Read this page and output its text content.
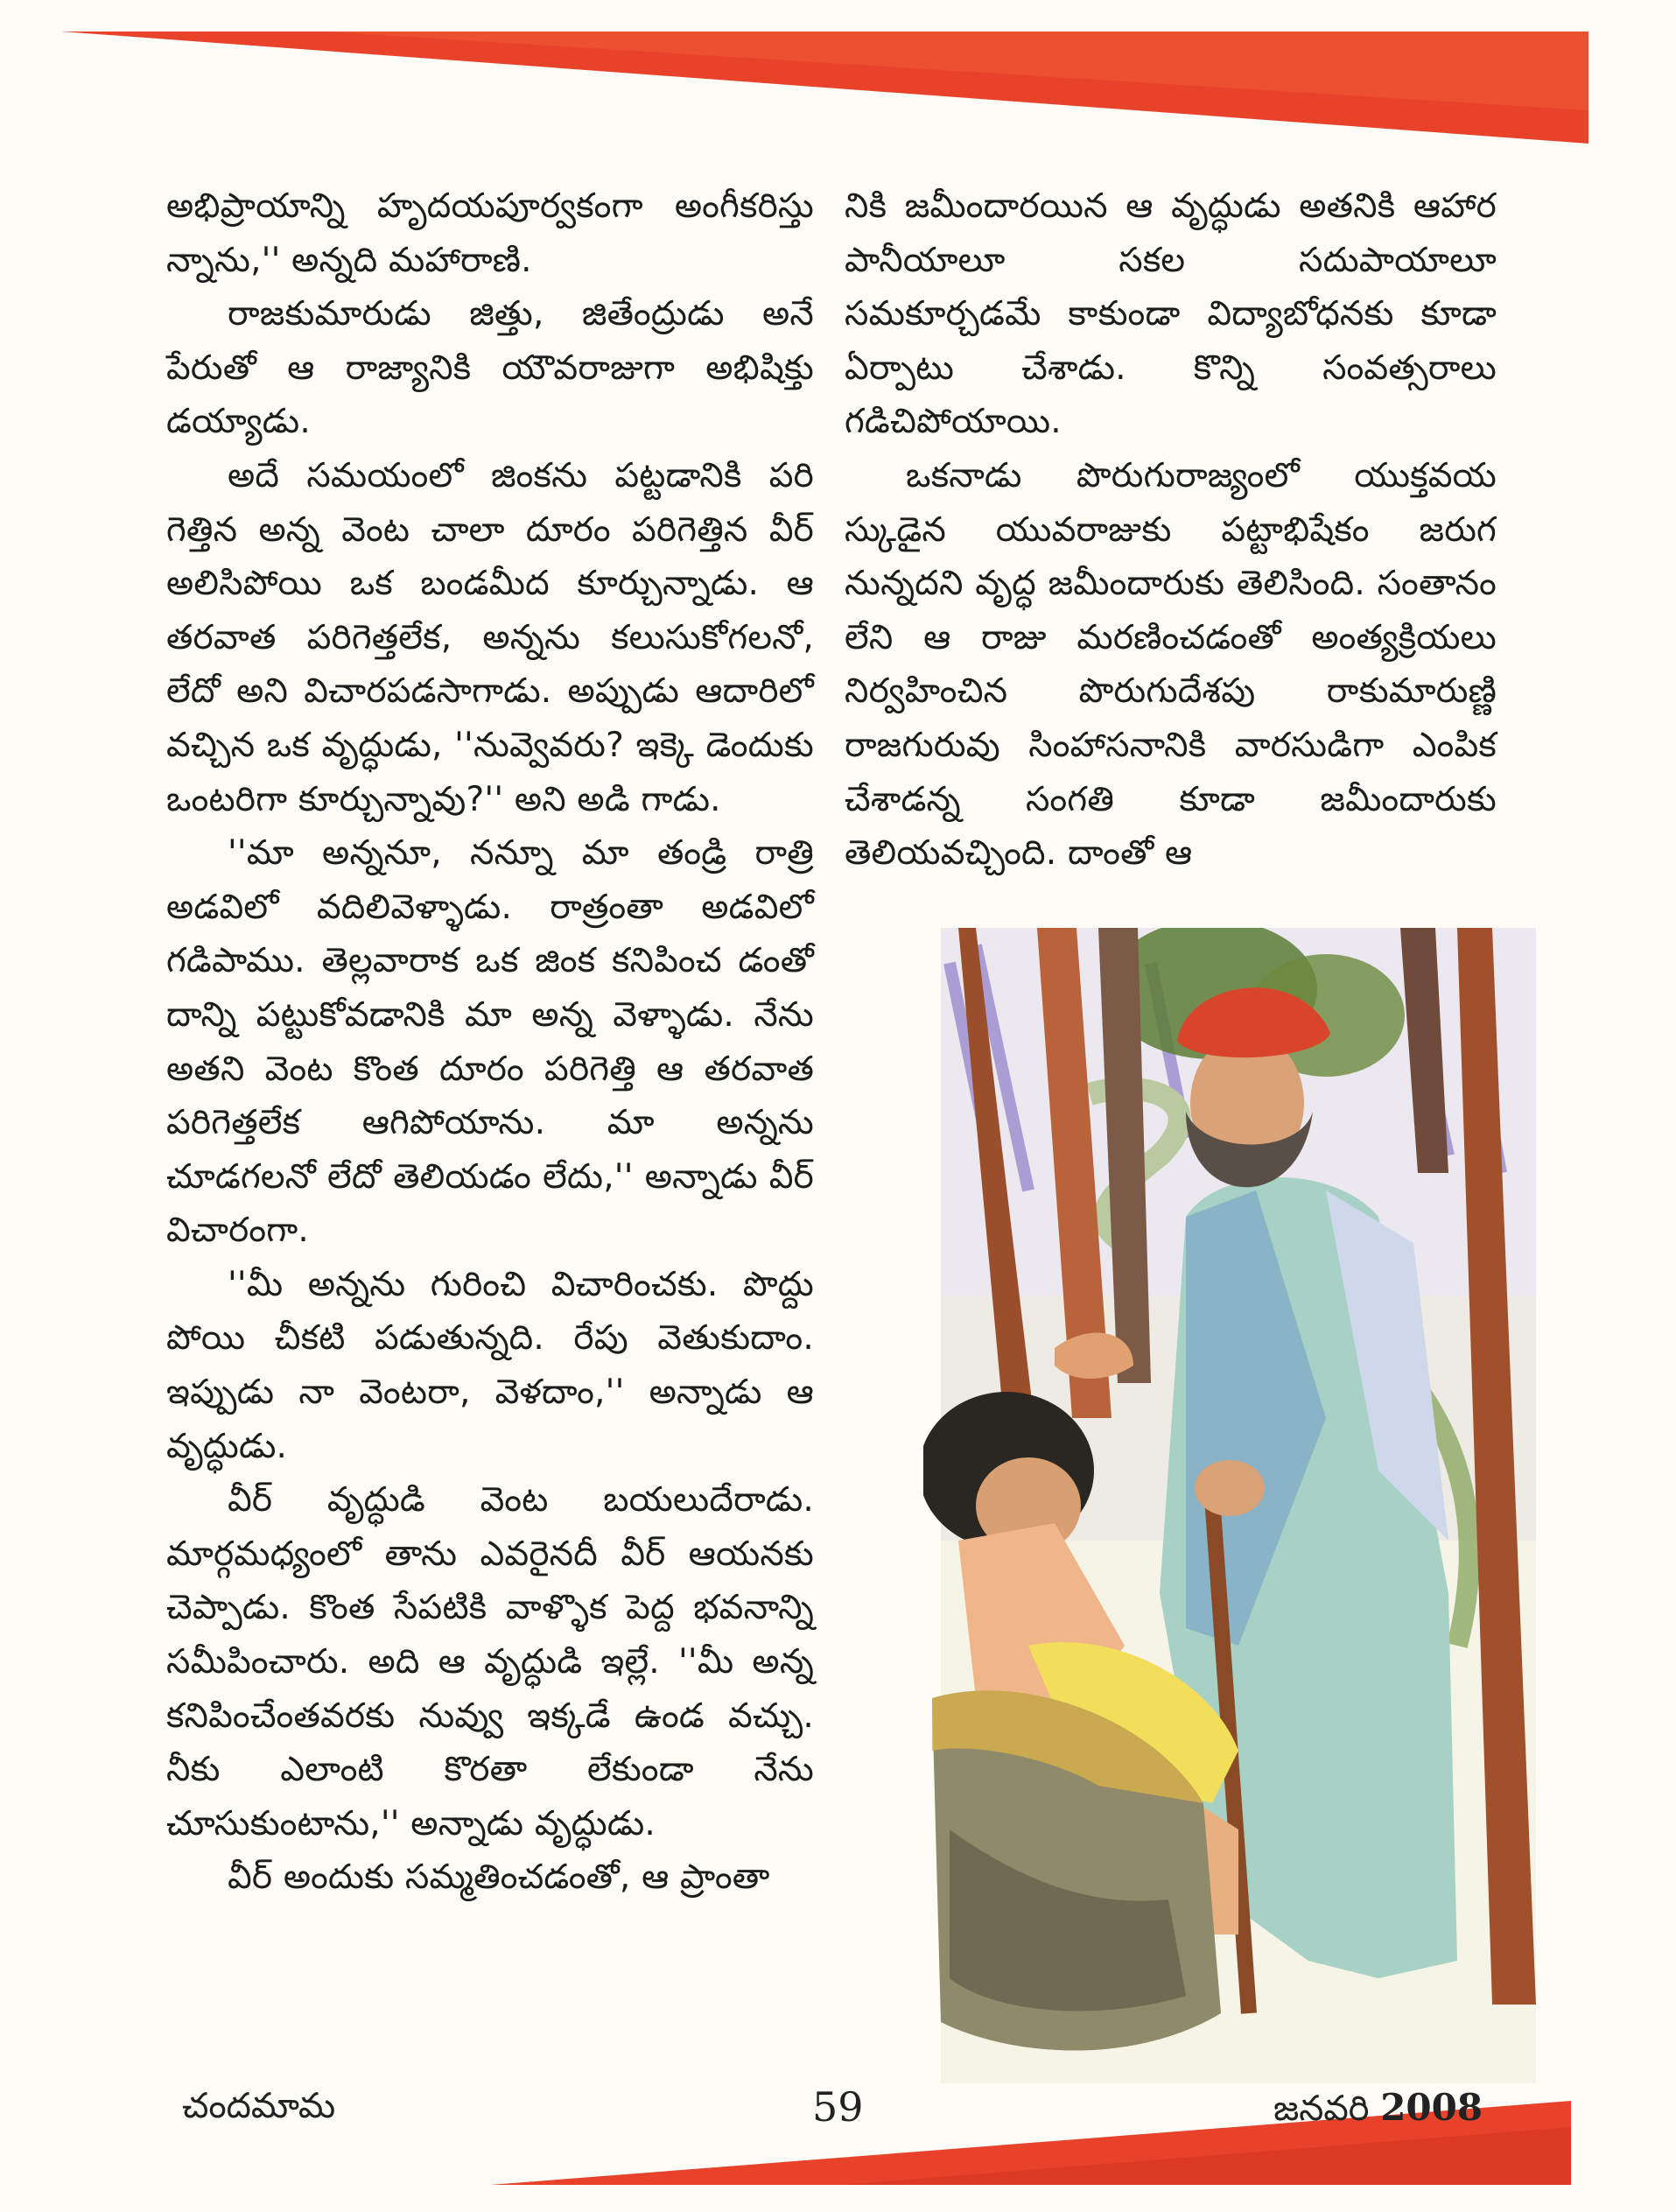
అభిప్రాయాన్ని హృదయపూర్వకంగా అంగీకరిస్తు న్నాను,'' అన్నది మహారాణి.

రాజకుమారుడు జిత్తు, జితేంద్రుడు అనే పేరుతో ఆ రాజ్యానికి యౌవరాజుగా అభిషిక్తు డయ్యాడు.

అదే సమయంలో జింకను పట్టడానికి పరి గెత్తిన అన్న వెంట చాలా దూరం పరిగెత్తిన వీర్ అలిసిపోయి ఒక బండమీద కూర్చున్నాడు. ఆ తరవాత పరిగెత్తలేక, అన్నను కలుసుకోగలనో, లేదో అని విచారపడసాగాడు. అప్పుడు ఆదారిలో వచ్చిన ఒక వృద్ధుడు, ''నువ్వెవరు? ఇక్కె డెందుకు ఒంటరిగా కూర్చున్నావు?'' అని అడి గాడు.

''మా అన్ననూ, నన్నూ మా తండ్రి రాత్రి అడవిలో వదిలివెళ్ళాడు. రాత్రంతా అడవిలో గడిపాము. తెల్లవారాక ఒక జింక కనిపించ డంతో దాన్ని పట్టుకోవడానికి మా అన్న వెళ్ళాడు. నేను అతని వెంట కొంత దూరం పరిగెత్తి ఆ తరవాత పరిగెత్తలేక ఆగిపోయాను. మా అన్నను చూడగలనో లేదో తెలియడం లేదు,'' అన్నాడు వీర్ విచారంగా.

''మీ అన్నను గురించి విచారించకు. పొద్దు పోయి చీకటి పడుతున్నది. రేపు వెతుకుదాం. ఇప్పుడు నా వెంటరా, వెళదాం,'' అన్నాడు ఆ వృద్ధుడు.

వీర్ వృద్ధుడి వెంట బయలుదేరాడు. మార్గమధ్యంలో తాను ఎవరైనదీ వీర్ ఆయనకు చెప్పాడు. కొంత సేపటికి వాళ్ళొక పెద్ద భవనాన్ని సమీపించారు. అది ఆ వృద్ధుడి ఇల్లే. ''మీ అన్న కనిపించేంతవరకు నువ్వు ఇక్కడే ఉండ వచ్చు. నీకు ఎలాంటి కొరతా లేకుండా నేను చూసుకుంటాను,'' అన్నాడు వృద్ధుడు.

వీర్ అందుకు సమ్మతించడంతో, ఆ ప్రాంతా

నికి జమీందారయిన ఆ వృద్ధుడు అతనికి ఆహార పానీయాలూ సకల సదుపాయాలూ సమకూర్చడమే కాకుండా విద్యాబోధనకు కూడా ఏర్పాటు చేశాడు. కొన్ని సంవత్సరాలు గడిచిపోయాయి.

ఒకనాడు పొరుగురాజ్యంలో యుక్తవయ స్కుడైన యువరాజుకు పట్టాభిషేకం జరుగ నున్నదని వృద్ధ జమీందారుకు తెలిసింది. సంతానం లేని ఆ రాజు మరణించడంతో అంత్యక్రియలు నిర్వహించిన పొరుగుదేశపు రాకుమారుణ్ణి రాజగురువు సింహాసనానికి వారసుడిగా ఎంపిక చేశాడన్న సంగతి కూడా జమీందారుకు తెలియవచ్చింది. దాంతో ఆ

చందమామ	59	జనవరి 2008
